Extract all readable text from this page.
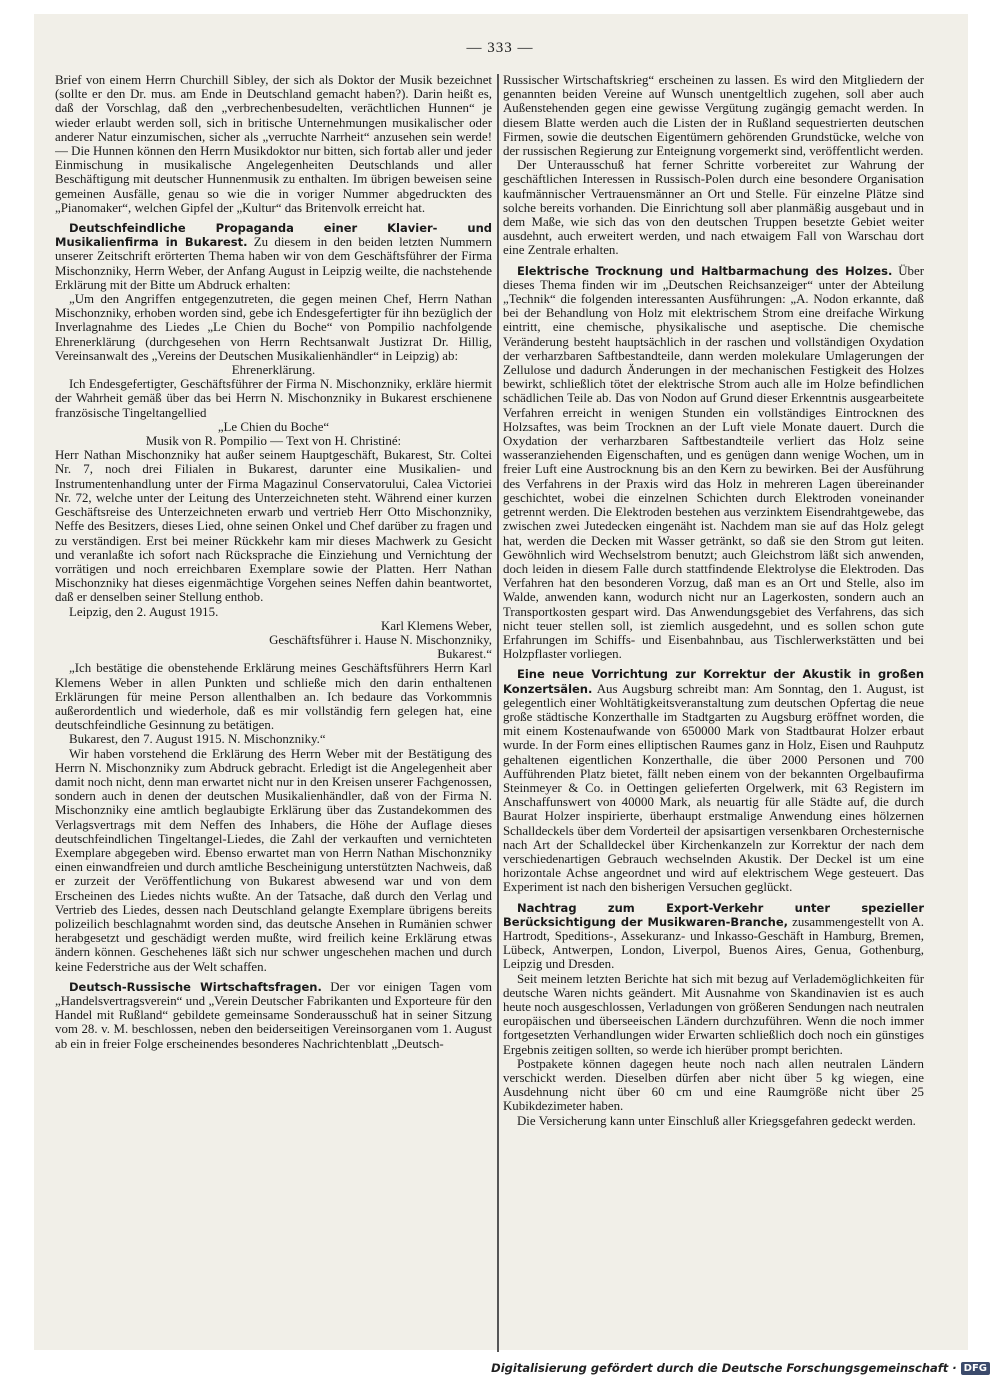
— 333 —

Brief von einem Herrn Churchill Sibley, der sich als Doktor der Musik bezeichnet (sollte er den Dr. mus. am Ende in Deutschland gemacht haben?). Darin heißt es, daß der Vorschlag, daß den „verbrechenbesudelten, verächtlichen Hunnen“ je wieder erlaubt werden soll, sich in britische Unternehmungen musikalischer oder anderer Natur einzumischen, sicher als „verruchte Narrheit“ anzusehen sein werde! — Die Hunnen können den Herrn Musikdoktor nur bitten, sich fortab aller und jeder Einmischung in musikalische Angelegenheiten Deutschlands und aller Beschäftigung mit deutscher Hunnenmusik zu enthalten. Im übrigen beweisen seine gemeinen Ausfälle, genau so wie die in voriger Nummer abgedruckten des „Pianomaker“, welchen Gipfel der „Kultur“ das Britenvolk erreicht hat.

Deutschfeindliche Propaganda einer Klavier- und Musikalienfirma in Bukarest. Zu diesem in den beiden letzten Nummern unserer Zeitschrift erörterten Thema haben wir von dem Geschäftsführer der Firma Mischonzniky, Herrn Weber, der Anfang August in Leipzig weilte, die nachstehende Erklärung mit der Bitte um Abdruck erhalten:

„Um den Angriffen entgegenzutreten, die gegen meinen Chef, Herrn Nathan Mischonzniky, erhoben worden sind, gebe ich Endesgefertigter für ihn bezüglich der Inverlagnahme des Liedes „Le Chien du Boche“ von Pompilio nachfolgende Ehrenerklärung (durchgesehen von Herrn Rechtsanwalt Justizrat Dr. Hillig, Vereinsanwalt des „Vereins der Deutschen Musikalienhändler“ in Leipzig) ab:

Ehrenerklärung.

Ich Endesgefertigter, Geschäftsführer der Firma N. Mischonzniky, erkläre hiermit der Wahrheit gemäß über das bei Herrn N. Mischonzniky in Bukarest erschienene französische Tingeltangellied

„Le Chien du Boche“

Musik von R. Pompilio — Text von H. Christiné:

Herr Nathan Mischonzniky hat außer seinem Hauptgeschäft, Bukarest, Str. Coltei Nr. 7, noch drei Filialen in Bukarest, darunter eine Musikalien- und Instrumentenhandlung unter der Firma Magazinul Conservatorului, Calea Victoriei Nr. 72, welche unter der Leitung des Unterzeichneten steht. Während einer kurzen Geschäftsreise des Unterzeichneten erwarb und vertrieb Herr Otto Mischonzniky, Neffe des Besitzers, dieses Lied, ohne seinen Onkel und Chef darüber zu fragen und zu verständigen. Erst bei meiner Rückkehr kam mir dieses Machwerk zu Gesicht und veranlaßte ich sofort nach Rücksprache die Einziehung und Vernichtung der vorrätigen und noch erreichbaren Exemplare sowie der Platten. Herr Nathan Mischonzniky hat dieses eigenmächtige Vorgehen seines Neffen dahin beantwortet, daß er denselben seiner Stellung enthob.

Leipzig, den 2. August 1915.

Karl Klemens Weber,

Geschäftsführer i. Hause N. Mischonzniky,

Bukarest.“

„Ich bestätige die obenstehende Erklärung meines Geschäftsführers Herrn Karl Klemens Weber in allen Punkten und schließe mich den darin enthaltenen Erklärungen für meine Person allenthalben an. Ich bedaure das Vorkommnis außerordentlich und wiederhole, daß es mir vollständig fern gelegen hat, eine deutschfeindliche Gesinnung zu betätigen.

Bukarest, den 7. August 1915. N. Mischonzniky.“

Wir haben vorstehend die Erklärung des Herrn Weber mit der Bestätigung des Herrn N. Mischonzniky zum Abdruck gebracht. Erledigt ist die Angelegenheit aber damit noch nicht, denn man erwartet nicht nur in den Kreisen unserer Fachgenossen, sondern auch in denen der deutschen Musikalienhändler, daß von der Firma N. Mischonzniky eine amtlich beglaubigte Erklärung über das Zustandekommen des Verlagsvertrags mit dem Neffen des Inhabers, die Höhe der Auflage dieses deutschfeindlichen Tingeltangel-Liedes, die Zahl der verkauften und vernichteten Exemplare abgegeben wird. Ebenso erwartet man von Herrn Nathan Mischonzniky einen einwandfreien und durch amtliche Bescheinigung unterstützten Nachweis, daß er zurzeit der Veröffentlichung von Bukarest abwesend war und von dem Erscheinen des Liedes nichts wußte. An der Tatsache, daß durch den Verlag und Vertrieb des Liedes, dessen nach Deutschland gelangte Exemplare übrigens bereits polizeilich beschlagnahmt worden sind, das deutsche Ansehen in Rumänien schwer herabgesetzt und geschädigt werden mußte, wird freilich keine Erklärung etwas ändern können. Geschehenes läßt sich nur schwer ungeschehen machen und durch keine Federstriche aus der Welt schaffen.

Deutsch-Russische Wirtschaftsfragen. Der vor einigen Tagen vom „Handelsvertragsverein“ und „Verein Deutscher Fabrikanten und Exporteure für den Handel mit Rußland“ gebildete gemeinsame Sonderausschuß hat in seiner Sitzung vom 28. v. M. beschlossen, neben den beiderseitigen Vereinsorganen vom 1. August ab ein in freier Folge erscheinendes besonderes Nachrichtenblatt „Deutsch-

Russischer Wirtschaftskrieg“ erscheinen zu lassen. Es wird den Mitgliedern der genannten beiden Vereine auf Wunsch unentgeltlich zugehen, soll aber auch Außenstehenden gegen eine gewisse Vergütung zugängig gemacht werden. In diesem Blatte werden auch die Listen der in Rußland sequestrierten deutschen Firmen, sowie die deutschen Eigentümern gehörenden Grundstücke, welche von der russischen Regierung zur Enteignung vorgemerkt sind, veröffentlicht werden.

Der Unterausschuß hat ferner Schritte vorbereitet zur Wahrung der geschäftlichen Interessen in Russisch-Polen durch eine besondere Organisation kaufmännischer Vertrauensmänner an Ort und Stelle. Für einzelne Plätze sind solche bereits vorhanden. Die Einrichtung soll aber planmäßig ausgebaut und in dem Maße, wie sich das von den deutschen Truppen besetzte Gebiet weiter ausdehnt, auch erweitert werden, und nach etwaigem Fall von Warschau dort eine Zentrale erhalten.

Elektrische Trocknung und Haltbarmachung des Holzes. Über dieses Thema finden wir im „Deutschen Reichsanzeiger“ unter der Abteilung „Technik“ die folgenden interessanten Ausführungen: „A. Nodon erkannte, daß bei der Behandlung von Holz mit elektrischem Strom eine dreifache Wirkung eintritt, eine chemische, physikalische und aseptische. Die chemische Veränderung besteht hauptsächlich in der raschen und vollständigen Oxydation der verharzbaren Saftbestandteile, dann werden molekulare Umlagerungen der Zellulose und dadurch Änderungen in der mechanischen Festigkeit des Holzes bewirkt, schließlich tötet der elektrische Strom auch alle im Holze befindlichen schädlichen Teile ab. Das von Nodon auf Grund dieser Erkenntnis ausgearbeitete Verfahren erreicht in wenigen Stunden ein vollständiges Eintrocknen des Holzsaftes, was beim Trocknen an der Luft viele Monate dauert. Durch die Oxydation der verharzbaren Saftbestandteile verliert das Holz seine wasseranziehenden Eigenschaften, und es genügen dann wenige Wochen, um in freier Luft eine Austrocknung bis an den Kern zu bewirken. Bei der Ausführung des Verfahrens in der Praxis wird das Holz in mehreren Lagen übereinander geschichtet, wobei die einzelnen Schichten durch Elektroden voneinander getrennt werden. Die Elektroden bestehen aus verzinktem Eisendrahtgewebe, das zwischen zwei Jutedecken eingenäht ist. Nachdem man sie auf das Holz gelegt hat, werden die Decken mit Wasser getränkt, so daß sie den Strom gut leiten. Gewöhnlich wird Wechselstrom benutzt; auch Gleichstrom läßt sich anwenden, doch leiden in diesem Falle durch stattfindende Elektrolyse die Elektroden. Das Verfahren hat den besonderen Vorzug, daß man es an Ort und Stelle, also im Walde, anwenden kann, wodurch nicht nur an Lagerkosten, sondern auch an Transportkosten gespart wird. Das Anwendungsgebiet des Verfahrens, das sich nicht teuer stellen soll, ist ziemlich ausgedehnt, und es sollen schon gute Erfahrungen im Schiffs- und Eisenbahnbau, aus Tischlerwerkstätten und bei Holzpflaster vorliegen.

Eine neue Vorrichtung zur Korrektur der Akustik in großen Konzertsälen. Aus Augsburg schreibt man: Am Sonntag, den 1. August, ist gelegentlich einer Wohltätigkeitsveranstaltung zum deutschen Opfertag die neue große städtische Konzerthalle im Stadtgarten zu Augsburg eröffnet worden, die mit einem Kostenaufwande von 650000 Mark von Stadtbaurat Holzer erbaut wurde. In der Form eines elliptischen Raumes ganz in Holz, Eisen und Rauhputz gehaltenen eigentlichen Konzerthalle, die über 2000 Personen und 700 Aufführenden Platz bietet, fällt neben einem von der bekannten Orgelbaufirma Steinmeyer & Co. in Oettingen gelieferten Orgelwerk, mit 63 Registern im Anschaffunswert von 40000 Mark, als neuartig für alle Städte auf, die durch Baurat Holzer inspirierte, überhaupt erstmalige Anwendung eines hölzernen Schalldeckels über dem Vorderteil der apsisartigen versenkbaren Orchesternische nach Art der Schalldeckel über Kirchenkanzeln zur Korrektur der nach dem verschiedenartigen Gebrauch wechselnden Akustik. Der Deckel ist um eine horizontale Achse angeordnet und wird auf elektrischem Wege gesteuert. Das Experiment ist nach den bisherigen Versuchen geglückt.

Nachtrag zum Export-Verkehr unter spezieller Berücksichtigung der Musikwaren-Branche, zusammengestellt von A. Hartrodt, Speditions-, Assekuranz- und Inkasso-Geschäft in Hamburg, Bremen, Lübeck, Antwerpen, London, Liverpol, Buenos Aires, Genua, Gothenburg, Leipzig und Dresden.

Seit meinem letzten Berichte hat sich mit bezug auf Verlademöglichkeiten für deutsche Waren nichts geändert. Mit Ausnahme von Skandinavien ist es auch heute noch ausgeschlossen, Verladungen von größeren Sendungen nach neutralen europäischen und überseeischen Ländern durchzuführen. Wenn die noch immer fortgesetzten Verhandlungen wider Erwarten schließlich doch noch ein günstiges Ergebnis zeitigen sollten, so werde ich hierüber prompt berichten.

Postpakete können dagegen heute noch nach allen neutralen Ländern verschickt werden. Dieselben dürfen aber nicht über 5 kg wiegen, eine Ausdehnung nicht über 60 cm und eine Raumgröße nicht über 25 Kubikdezimeter haben.

Die Versicherung kann unter Einschluß aller Kriegsgefahren gedeckt werden.

Digitalisierung gefördert durch die Deutsche Forschungsgemeinschaft · DFG
